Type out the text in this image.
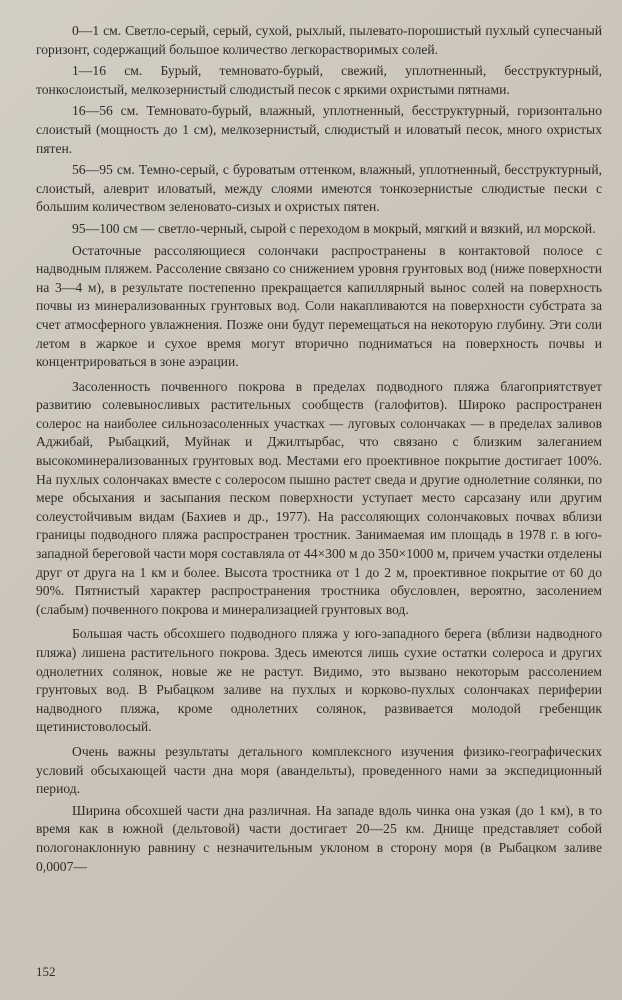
0—1 см. Светло-серый, серый, сухой, рыхлый, пылевато-порошистый пухлый супесчаный горизонт, содержащий большое количество легкорастворимых солей.

1—16 см. Бурый, темновато-бурый, свежий, уплотненный, бесструктурный, тонкослоистый, мелкозернистый слюдистый песок с яркими охристыми пятнами.

16—56 см. Темновато-бурый, влажный, уплотненный, бесструктурный, горизонтально слоистый (мощность до 1 см), мелкозернистый, слюдистый и иловатый песок, много охристых пятен.

56—95 см. Темно-серый, с буроватым оттенком, влажный, уплотненный, бесструктурный, слоистый, алеврит иловатый, между слоями имеются тонкозернистые слюдистые пески с большим количеством зеленовато-сизых и охристых пятен.

95—100 см — светло-черный, сырой с переходом в мокрый, мягкий и вязкий, ил морской.

Остаточные рассоляющиеся солончаки распространены в контактовой полосе с надводным пляжем. Рассоление связано со снижением уровня грунтовых вод (ниже поверхности на 3—4 м), в результате постепенно прекращается капиллярный вынос солей на поверхность почвы из минерализованных грунтовых вод. Соли накапливаются на поверхности субстрата за счет атмосферного увлажнения. Позже они будут перемещаться на некоторую глубину. Эти соли летом в жаркое и сухое время могут вторично подниматься на поверхность почвы и концентрироваться в зоне аэрации.

Засоленность почвенного покрова в пределах подводного пляжа благоприятствует развитию солевыносливых растительных сообществ (галофитов). Широко распространен солерос на наиболее сильнозасоленных участках — луговых солончаках — в пределах заливов Аджибай, Рыбацкий, Муйнак и Джилтырбас, что связано с близким залеганием высокоминерализованных грунтовых вод. Местами его проективное покрытие достигает 100%. На пухлых солончаках вместе с солеросом пышно растет сведа и другие однолетние солянки, по мере обсыхания и засыпания песком поверхности уступает место сарсазану или другим солеустойчивым видам (Бахиев и др., 1977). На рассоляющих солончаковых почвах вблизи границы подводного пляжа распространен тростник. Занимаемая им площадь в 1978 г. в юго-западной береговой части моря составляла от 44×300 м до 350×1000 м, причем участки отделены друг от друга на 1 км и более. Высота тростника от 1 до 2 м, проективное покрытие от 60 до 90%. Пятнистый характер распространения тростника обусловлен, вероятно, засолением (слабым) почвенного покрова и минерализацией грунтовых вод.

Большая часть обсохшего подводного пляжа у юго-западного берега (вблизи надводного пляжа) лишена растительного покрова. Здесь имеются лишь сухие остатки солероса и других однолетних солянок, новые же не растут. Видимо, это вызвано некоторым рассолением грунтовых вод. В Рыбацком заливе на пухлых и корково-пухлых солончаках периферии надводного пляжа, кроме однолетних солянок, развивается молодой гребенщик щетинистоволосый.

Очень важны результаты детального комплексного изучения физико-географических условий обсыхающей части дна моря (авандельты), проведенного нами за экспедиционный период.

Ширина обсохшей части дна различная. На западе вдоль чинка она узкая (до 1 км), в то время как в южной (дельтовой) части достигает 20—25 км. Днище представляет собой пологонаклонную равнину с незначительным уклоном в сторону моря (в Рыбацком заливе 0,0007—

152
